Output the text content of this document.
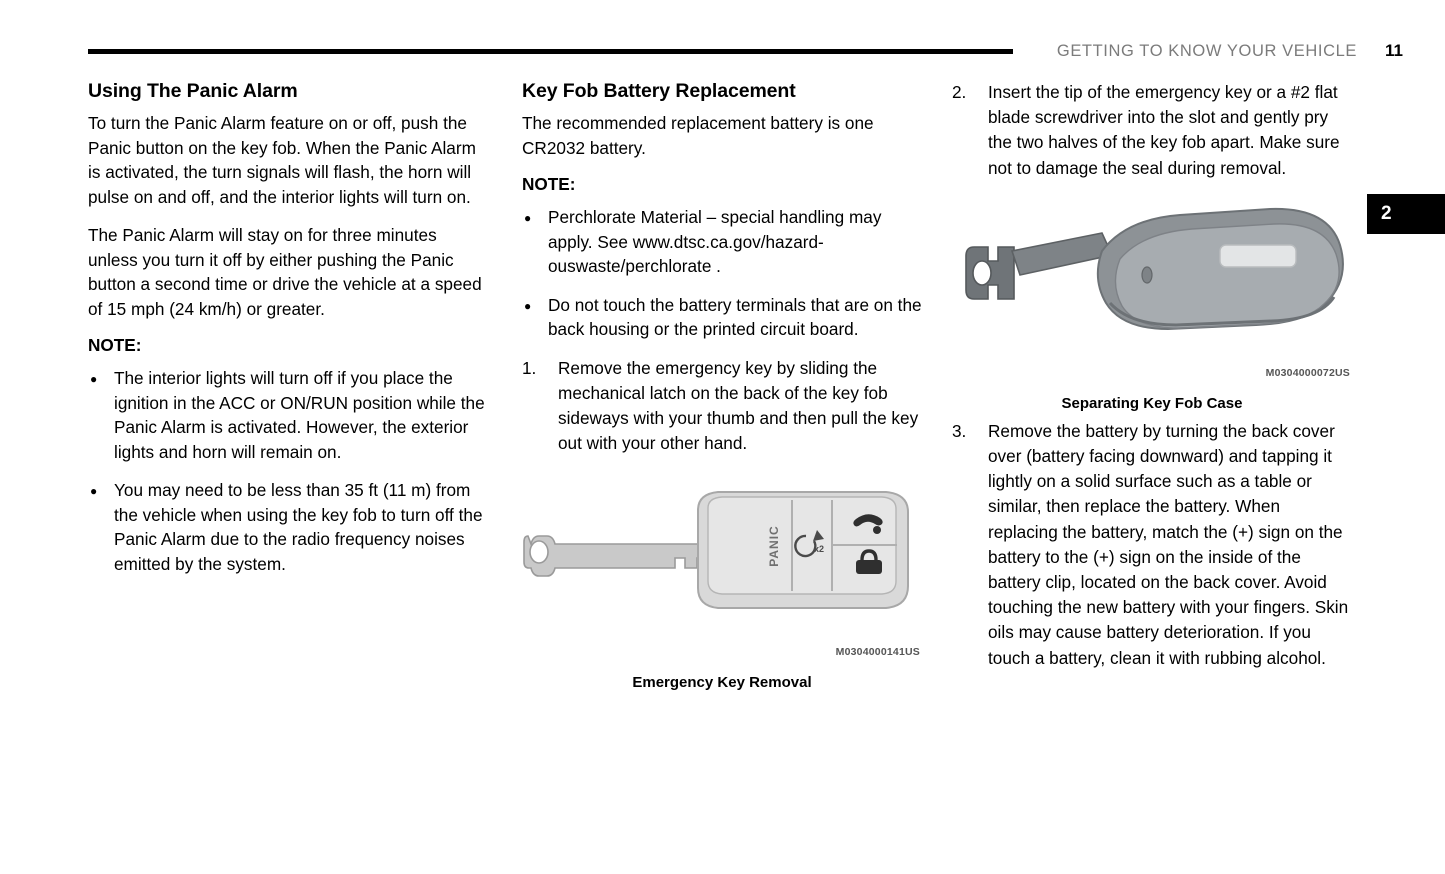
GETTING TO KNOW YOUR VEHICLE	11
2
Using The Panic Alarm

To turn the Panic Alarm feature on or off, push the Panic button on the key fob. When the Panic Alarm is activated, the turn signals will flash, the horn will pulse on and off, and the interior lights will turn on.

The Panic Alarm will stay on for three minutes unless you turn it off by either pushing the Panic button a second time or drive the vehicle at a speed of 15 mph (24 km/h) or greater.

NOTE:
● The interior lights will turn off if you place the ignition in the ACC or ON/RUN position while the Panic Alarm is activated. However, the exterior lights and horn will remain on.
● You may need to be less than 35 ft (11 m) from the vehicle when using the key fob to turn off the Panic Alarm due to the radio frequency noises emitted by the system.
Key Fob Battery Replacement

The recommended replacement battery is one CR2032 battery.

NOTE:
● Perchlorate Material – special handling may apply. See www.dtsc.ca.gov/hazard-ouswaste/perchlorate .
● Do not touch the battery terminals that are on the back housing or the printed circuit board.
1.	Remove the emergency key by sliding the mechanical latch on the back of the key fob sideways with your thumb and then pull the key out with your other hand.
PANIC	x2
M0304000141US
Emergency Key Removal
2.	Insert the tip of the emergency key or a #2 flat blade screwdriver into the slot and gently pry the two halves of the key fob apart. Make sure not to damage the seal during removal.
M0304000072US
Separating Key Fob Case
3.	Remove the battery by turning the back cover over (battery facing downward) and tapping it lightly on a solid surface such as a table or similar, then replace the battery. When replacing the battery, match the (+) sign on the battery to the (+) sign on the inside of the battery clip, located on the back cover. Avoid touching the new battery with your fingers. Skin oils may cause battery deterioration. If you touch a battery, clean it with rubbing alcohol.
